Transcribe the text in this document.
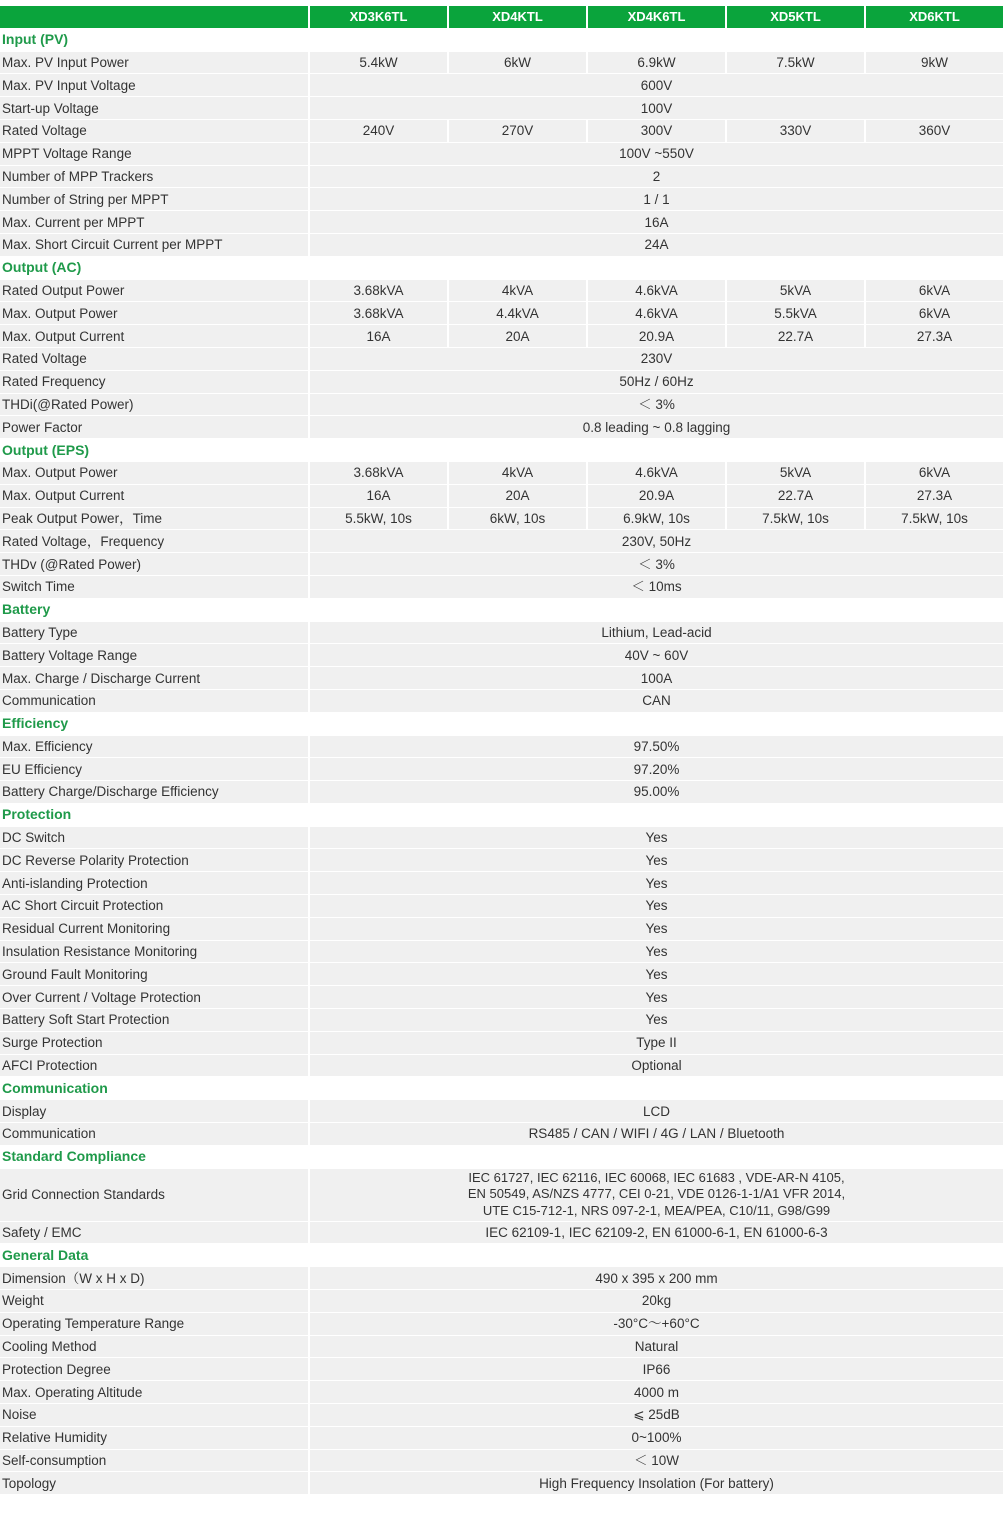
	XD3K6TL	XD4KTL	XD4K6TL	XD5KTL	XD6KTL
Input (PV)					
Max. PV Input Power	5.4kW	6kW	6.9kW	7.5kW	9kW
Max. PV Input Voltage	600V				
Start-up Voltage	100V				
Rated Voltage	240V	270V	300V	330V	360V
MPPT Voltage Range	100V ~550V				
Number of MPP Trackers	2				
Number of String per MPPT	1 / 1				
Max. Current per MPPT	16A				
Max. Short Circuit Current per MPPT	24A				
Output (AC)					
Rated Output Power	3.68kVA	4kVA	4.6kVA	5kVA	6kVA
Max. Output Power	3.68kVA	4.4kVA	4.6kVA	5.5kVA	6kVA
Max. Output Current	16A	20A	20.9A	22.7A	27.3A
Rated Voltage	230V				
Rated Frequency	50Hz / 60Hz				
THDi(@Rated Power)	＜ 3%				
Power Factor	0.8 leading ~ 0.8 lagging				
Output (EPS)					
Max. Output Power	3.68kVA	4kVA	4.6kVA	5kVA	6kVA
Max. Output Current	16A	20A	20.9A	22.7A	27.3A
Peak Output Power，Time	5.5kW, 10s	6kW, 10s	6.9kW, 10s	7.5kW, 10s	7.5kW, 10s
Rated Voltage，Frequency	230V, 50Hz				
THDv (@Rated Power)	＜ 3%				
Switch Time	＜ 10ms				
Battery					
Battery Type	Lithium, Lead-acid				
Battery Voltage Range	40V ~ 60V				
Max. Charge / Discharge Current	100A				
Communication	CAN				
Efficiency					
Max. Efficiency	97.50%				
EU Efficiency	97.20%				
Battery Charge/Discharge Efficiency	95.00%				
Protection					
DC Switch	Yes				
DC Reverse Polarity Protection	Yes				
Anti-islanding Protection	Yes				
AC Short Circuit Protection	Yes				
Residual Current Monitoring	Yes				
Insulation Resistance Monitoring	Yes				
Ground Fault Monitoring	Yes				
Over Current / Voltage Protection	Yes				
Battery Soft Start Protection	Yes				
Surge Protection	Type II				
AFCI Protection	Optional				
Communication					
Display	LCD				
Communication	RS485 / CAN / WIFI / 4G / LAN / Bluetooth				
Standard Compliance					
Grid Connection Standards	IEC 61727, IEC 62116, IEC 60068, IEC 61683 , VDE-AR-N 4105,
EN 50549, AS/NZS 4777, CEI 0-21, VDE 0126-1-1/A1 VFR 2014,
UTE C15-712-1, NRS 097-2-1, MEA/PEA, C10/11, G98/G99				

Safety / EMC	IEC 62109-1, IEC 62109-2, EN 61000-6-1, EN 61000-6-3				
General Data					
Dimension（W x H x D)	490 x 395 x 200 mm				
Weight	20kg				
Operating Temperature Range	-30°C～+60°C				
Cooling Method	Natural				
Protection Degree	IP66				
Max. Operating Altitude	4000 m				
Noise	⩽ 25dB				
Relative Humidity	0~100%				
Self-consumption	＜ 10W				
Topology	High Frequency Insolation (For battery)				
